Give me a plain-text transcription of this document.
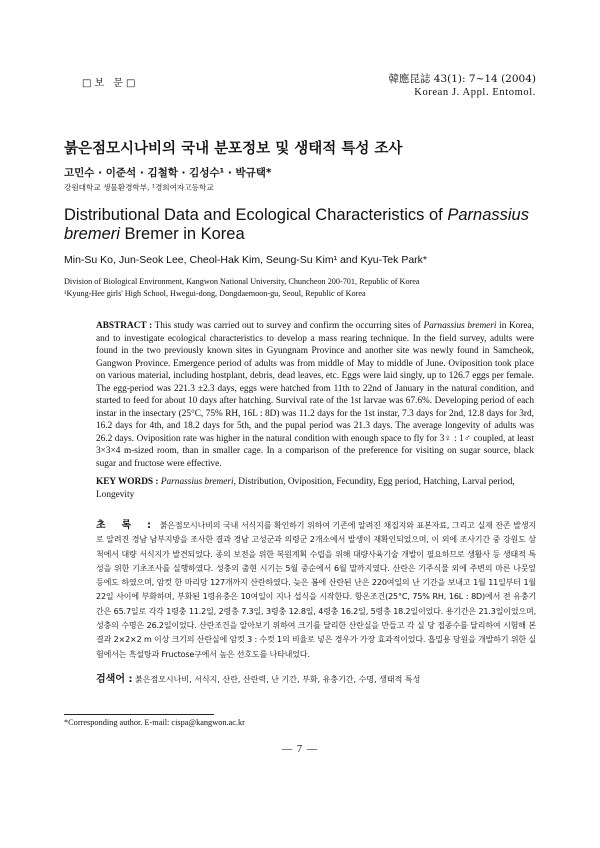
□보 문□	韓應昆誌 43(1): 7~14 (2004)
Korean J. Appl. Entomol.
붉은점모시나비의 국내 분포정보 및 생태적 특성 조사
고민수 · 이준석 · 김철학 · 김성수¹ · 박규택*
강원대학교 생물환경학부, ¹경희여자고등학교
Distributional Data and Ecological Characteristics of Parnassius bremeri Bremer in Korea
Min-Su Ko, Jun-Seok Lee, Cheol-Hak Kim, Seung-Su Kim¹ and Kyu-Tek Park*
Division of Biological Environment, Kangwon National University, Chuncheon 200-701, Republic of Korea
¹Kyung-Hee girls' High School, Hwegui-dong, Dongdaemoon-gu, Seoul, Republic of Korea
ABSTRACT : This study was carried out to survey and confirm the occurring sites of Parnassius bremeri in Korea, and to investigate ecological characteristics to develop a mass rearing technique. In the field survey, adults were found in the two previously known sites in Gyungnam Province and another site was newly found in Samcheok, Gangwon Province. Emergence period of adults was from middle of May to middle of June. Oviposition took place on various material, including hostplant, debris, dead leaves, etc. Eggs were laid singly, up to 126.7 eggs per female. The egg-period was 221.3 ±2.3 days, eggs were hatched from 11th to 22nd of January in the natural condition, and started to feed for about 10 days after hatching. Survival rate of the 1st larvae was 67.6%. Developing period of each instar in the insectary (25°C, 75% RH, 16L : 8D) was 11.2 days for the 1st instar, 7.3 days for 2nd, 12.8 days for 3rd, 16.2 days for 4th, and 18.2 days for 5th, and the pupal period was 21.3 days. The average longevity of adults was 26.2 days. Oviposition rate was higher in the natural condition with enough space to fly for 3♀ : 1♂ coupled, at least 3×3×4 m-sized room, than in smaller cage. In a comparison of the preference for visiting on sugar source, black sugar and fructose were effective.
KEY WORDS : Parnassius bremeri, Distribution, Oviposition, Fecundity, Egg period, Hatching, Larval period, Longevity
초 록 : 붉은점모시나비의 국내 서식지를 확인하기 위하여 기존에 알려진 채집지와 표본자료, 그리고 실재 잔존 발생지로 알려진 경남 남부지방을 조사한 결과 경남 고성군과 의령군 2개소에서 발생이 재확인되었으며, 이 외에 조사기간 중 강원도 삼척에서 대량 서식지가 발견되었다. 종의 보전을 위한 복원계획 수립을 위해 대량사육기술 개발이 필요하므로 생활사 등 생태적 특성을 위한 기초조사를 실행하였다. 성충의 출현 시기는 5월 중순에서 6월 말까지였다. 산란은 기주식물 외에 주변의 마른 나뭇잎 등에도 하였으며, 암컷 한 마리당 127개까지 산란하였다. 늦은 봄에 산란된 난은 220여일의 난 기간을 보내고 1월 11일부터 1월 22일 사이에 부화하며, 부화된 1령유충은 10여일이 지나 섭식을 시작한다. 항온조건(25°C, 75% RH, 16L : 8D)에서 전 유충기간은 65.7일로 각각 1령충 11.2일, 2령충 7.3일, 3령충 12.8일, 4령충 16.2일, 5령충 18.2일이었다. 용기간은 21.3일이었으며, 성충의 수명은 26.2일이었다. 산란조건을 알아보기 위하여 크기를 달리한 산란실을 만들고 각 실 당 접종수를 달리하여 시험해 본 결과 2×2×2 m 이상 크기의 산란실에 암컷 3 : 수컷 1의 비율로 넣은 경우가 가장 효과적이었다. 흡밀용 당원을 개발하기 위한 실험에서는 흑설탕과 Fructose구에서 높은 선호도를 나타내었다.
검색어 : 붉은점모시나비, 서식지, 산란, 산란력, 난 기간, 부화, 유충기간, 수명, 생태적 특성
*Corresponding author. E-mail: cispa@kangwon.ac.kr
— 7 —
